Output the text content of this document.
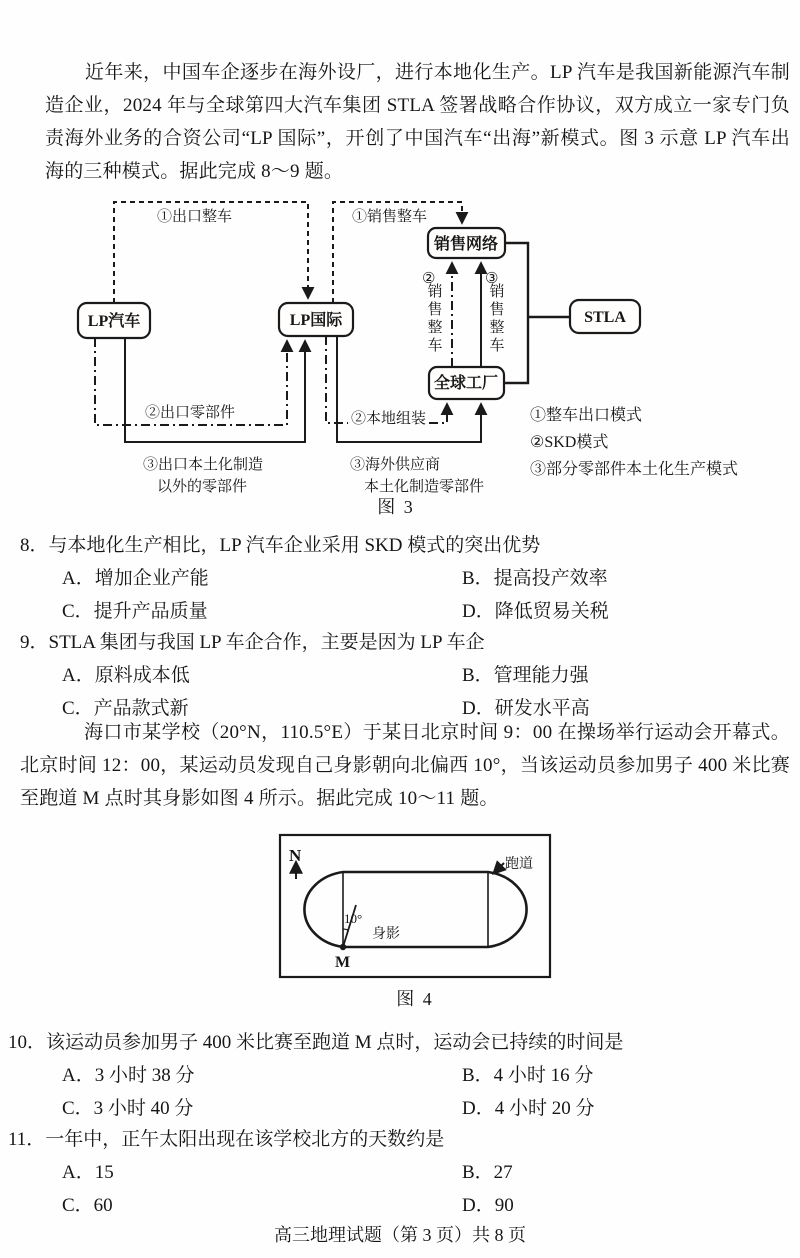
近年来，中国车企逐步在海外设厂，进行本地化生产。LP 汽车是我国新能源汽车制造企业，2024 年与全球第四大汽车集团 STLA 签署战略合作协议，双方成立一家专门负责海外业务的合资公司“LP 国际”，开创了中国汽车“出海”新模式。图 3 示意 LP 汽车出海的三种模式。据此完成 8～9 题。
LP汽车	LP国际
销售网络
全球工厂
STLA
①出口整车	①销售整车
②出口零部件
③出口本土化制造
以外的零部件
②本地组装
③海外供应商
本土化制造零部件
②	③
①整车出口模式
②SKD模式
③部分零部件本土化生产模式
销售整车
销售整车
图 3
8．与本地化生产相比，LP 汽车企业采用 SKD 模式的突出优势
A．增加企业产能	B．提高投产效率
C．提升产品质量	D．降低贸易关税
9．STLA 集团与我国 LP 车企合作，主要是因为 LP 车企
A．原料成本低	B．管理能力强
C．产品款式新	D．研发水平高
海口市某学校（20°N，110.5°E）于某日北京时间 9：00 在操场举行运动会开幕式。北京时间 12：00，某运动员发现自己身影朝向北偏西 10°，当该运动员参加男子 400 米比赛至跑道 M 点时其身影如图 4 所示。据此完成 10～11 题。
N
10°
身影
跑道
M
图 4
10．该运动员参加男子 400 米比赛至跑道 M 点时，运动会已持续的时间是
A．3 小时 38 分	B．4 小时 16 分
C．3 小时 40 分	D．4 小时 20 分
11．一年中，正午太阳出现在该学校北方的天数约是
A．15	B．27
C．60	D．90
高三地理试题（第 3 页）共 8 页
